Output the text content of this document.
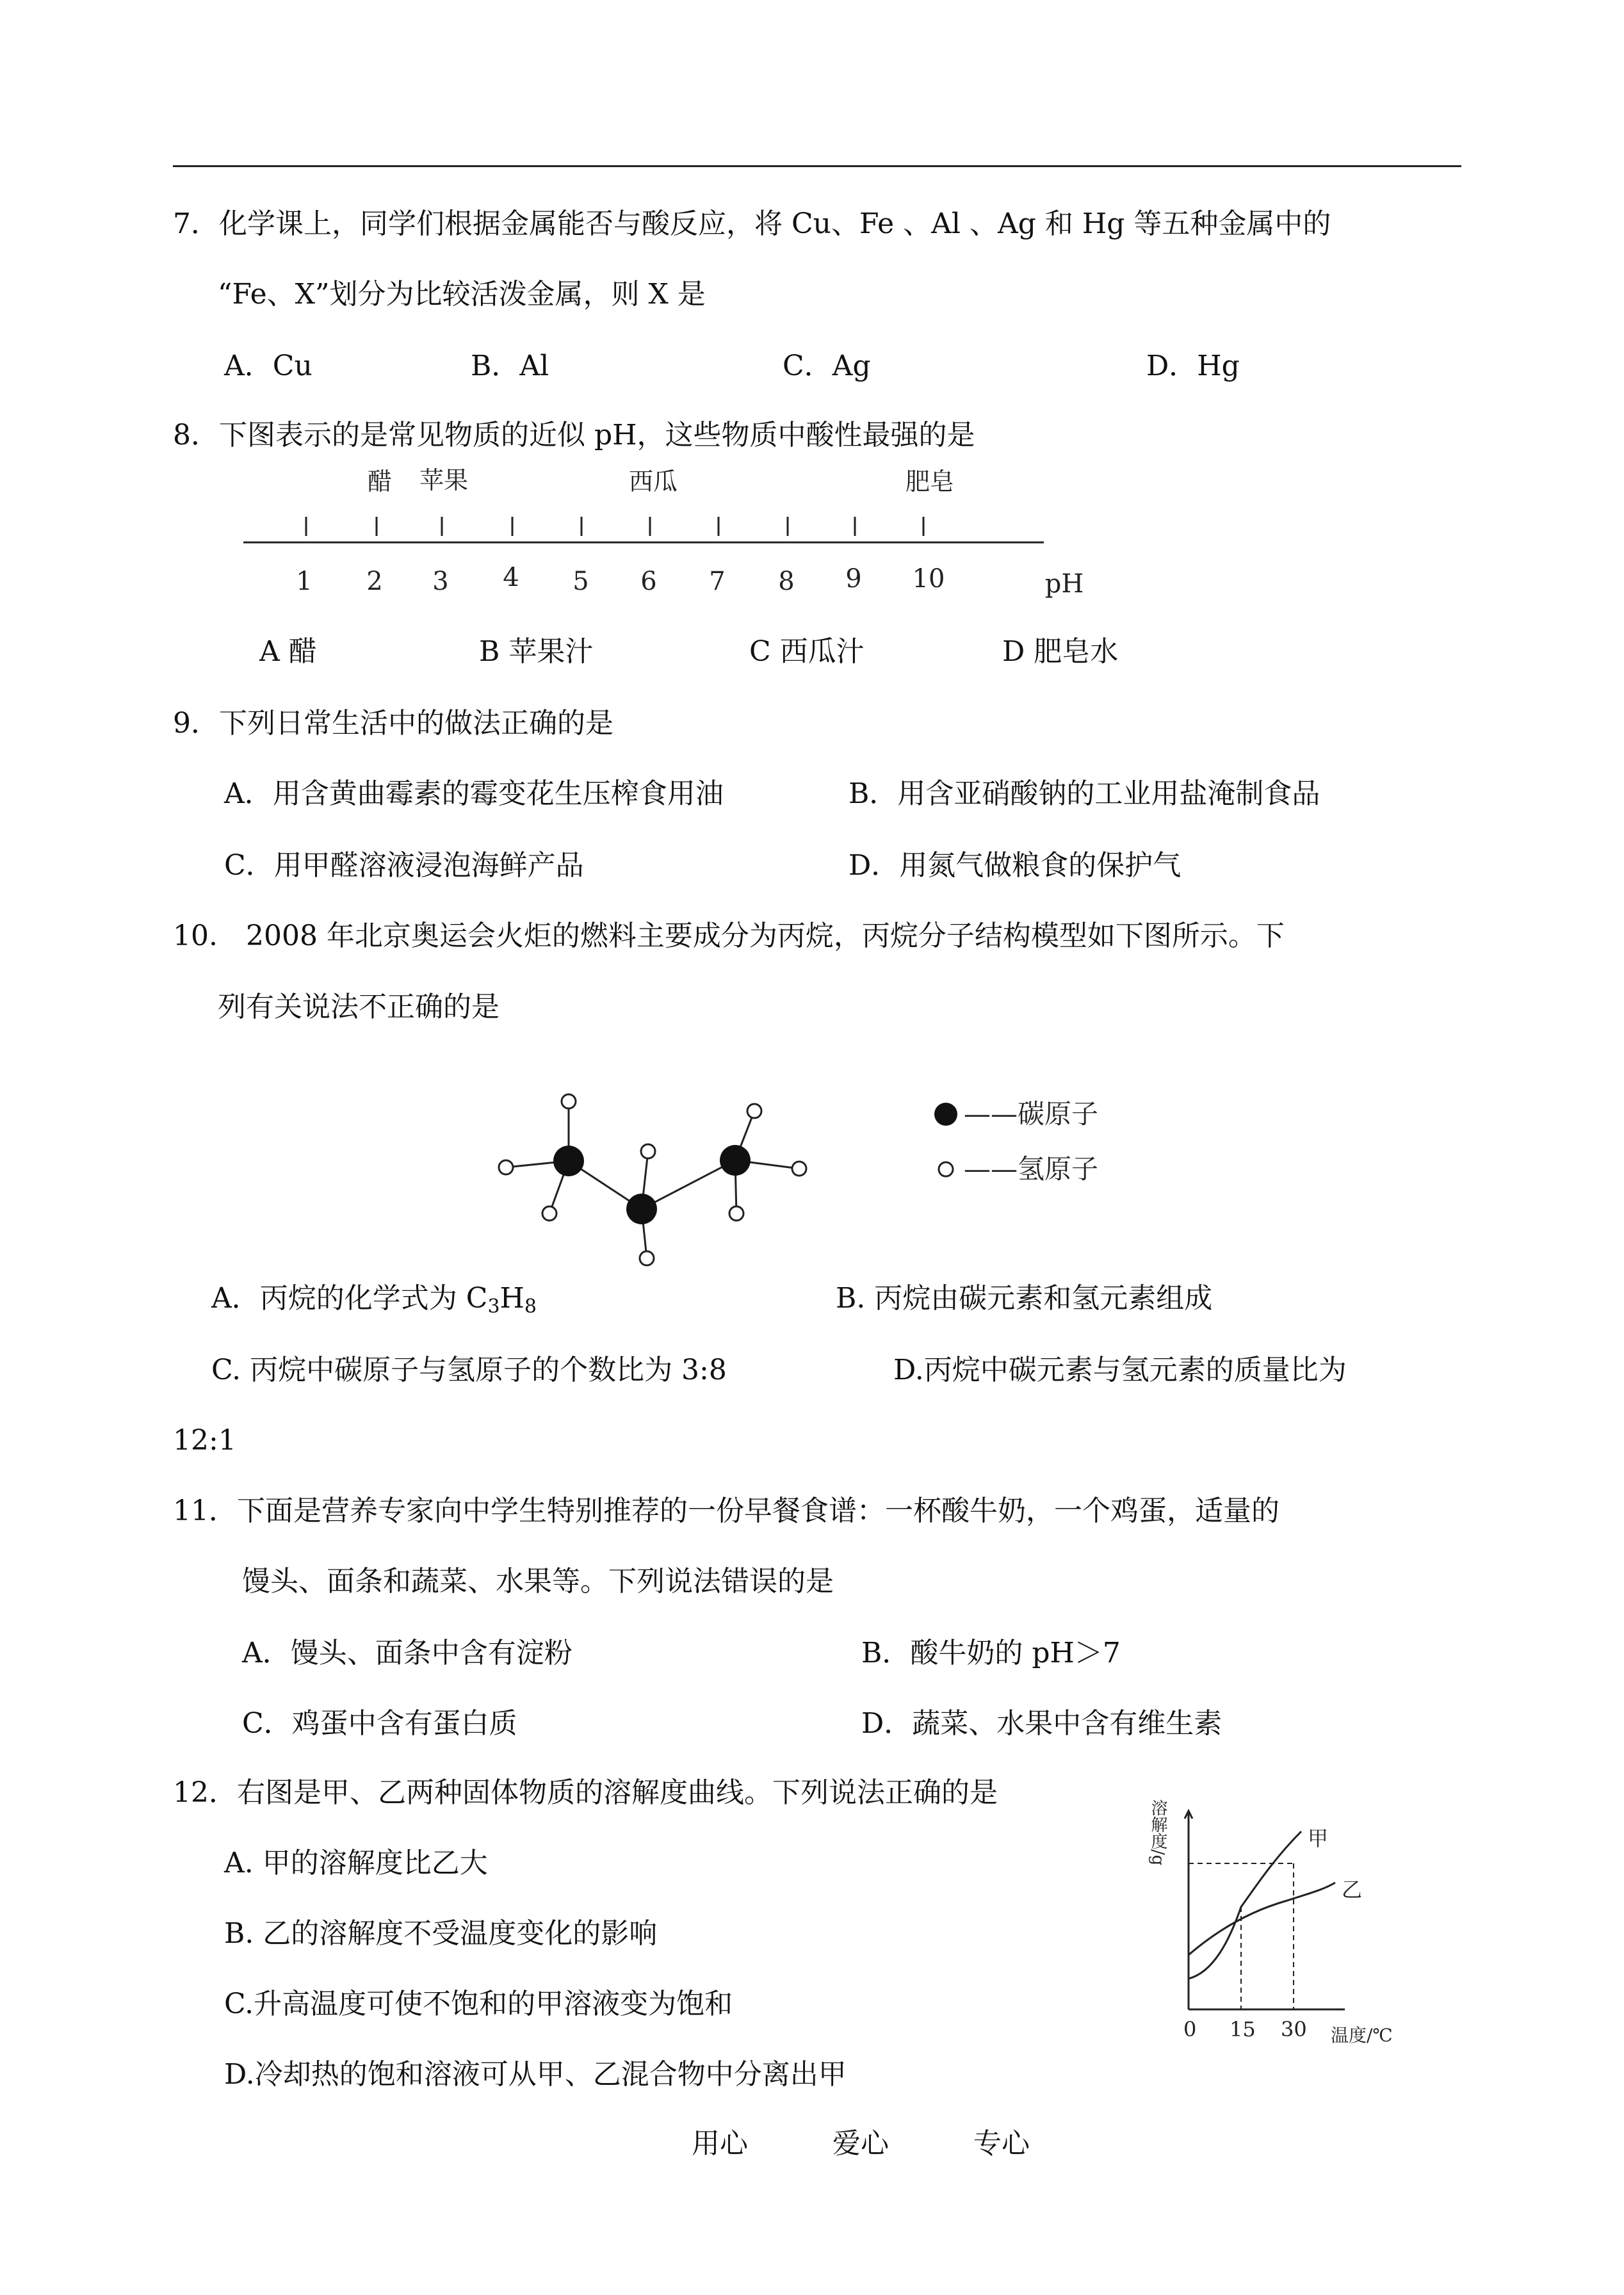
7．化学课上，同学们根据金属能否与酸反应，将 Cu、Fe 、Al 、Ag 和 Hg 等五种金属中的
“Fe、X”划分为比较活泼金属，则 X 是
A．Cu	B．Al	C．Ag	D．Hg
8．下图表示的是常见物质的近似 pH，这些物质中酸性最强的是
1 2 3 4 5 6 7 8 9 10	pH
醋 苹果	西瓜	肥皂
A 醋	B 苹果汁	C 西瓜汁	D 肥皂水
9．下列日常生活中的做法正确的是
A．用含黄曲霉素的霉变花生压榨食用油	B．用含亚硝酸钠的工业用盐淹制食品
C．用甲醛溶液浸泡海鲜产品	D．用氮气做粮食的保护气
10.　2008 年北京奥运会火炬的燃料主要成分为丙烷，丙烷分子结构模型如下图所示。下
列有关说法不正确的是
——碳原子
——氢原子
A．丙烷的化学式为 $C_3H_8$	B. 丙烷由碳元素和氢元素组成
C. 丙烷中碳原子与氢原子的个数比为 3:8	D.丙烷中碳元素与氢元素的质量比为
12:1
11．下面是营养专家向中学生特别推荐的一份早餐食谱：一杯酸牛奶，一个鸡蛋，适量的
馒头、面条和蔬菜、水果等。下列说法错误的是
A．馒头、面条中含有淀粉	B．酸牛奶的 pH＞7
C．鸡蛋中含有蛋白质	D．蔬菜、水果中含有维生素
12．右图是甲、乙两种固体物质的溶解度曲线。下列说法正确的是
A. 甲的溶解度比乙大
B. 乙的溶解度不受温度变化的影响
C.升高温度可使不饱和的甲溶液变为饱和
D.冷却热的饱和溶液可从甲、乙混合物中分离出甲
甲
乙
0 15 30 温度/℃
溶解度/g
用心　　　爱心　　　专心
